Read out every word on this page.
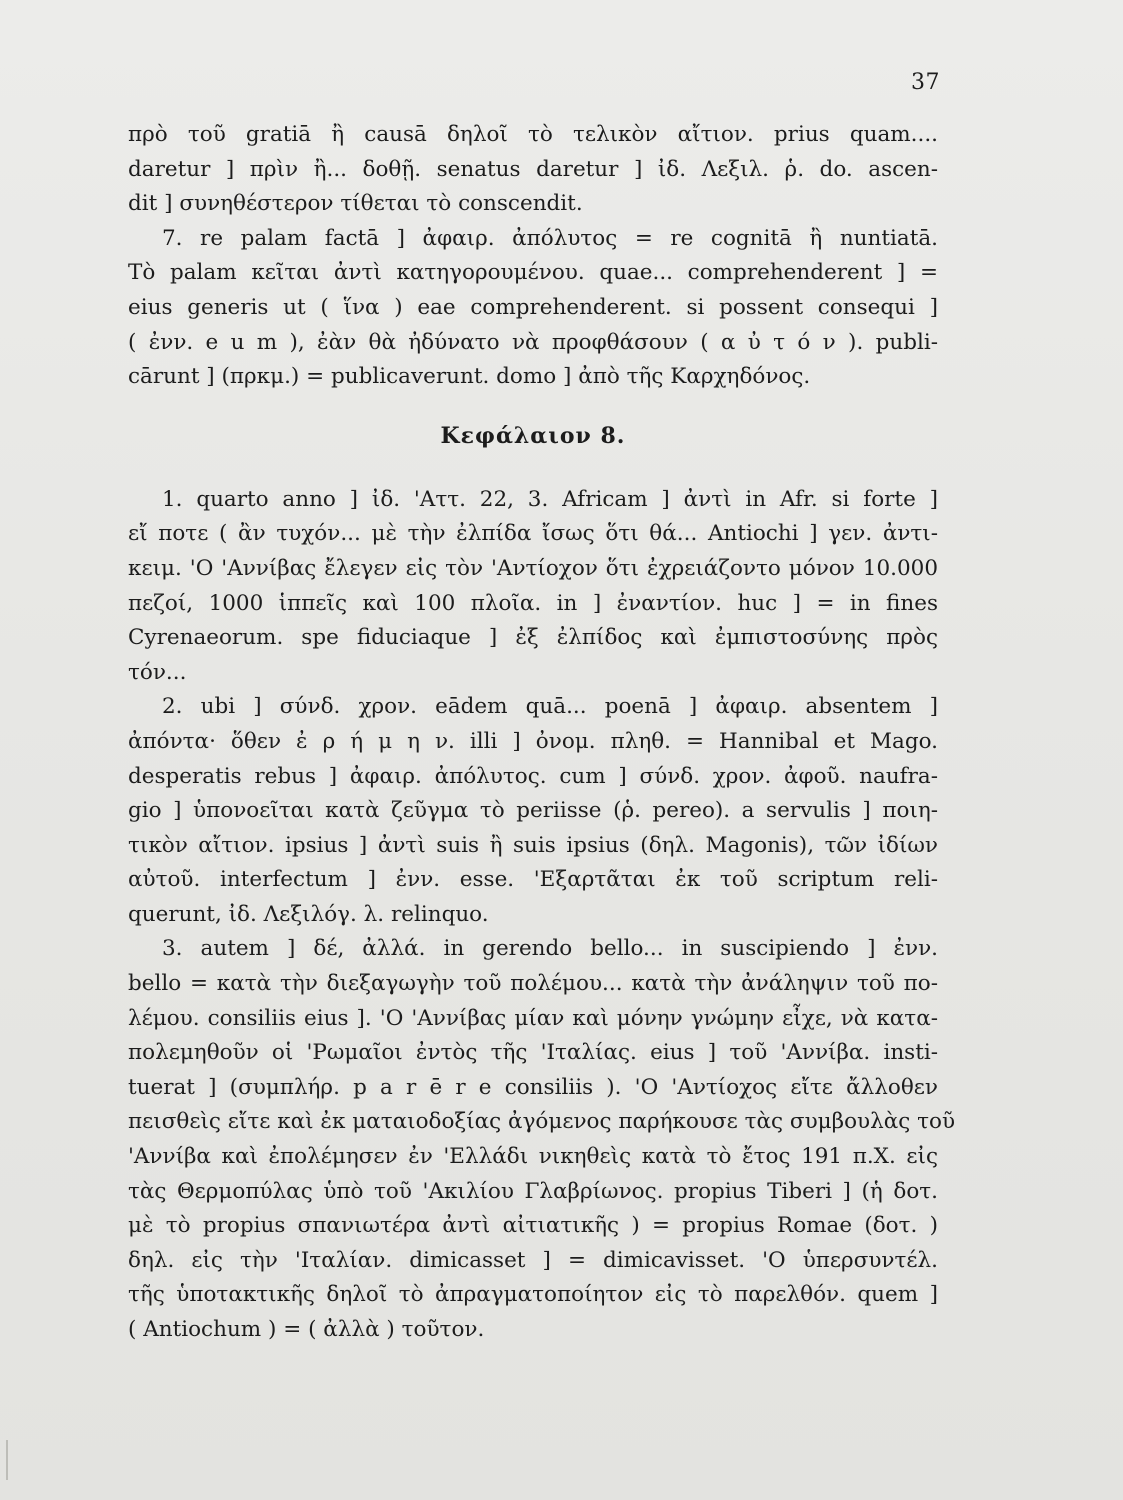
37
πρὸ τοῦ gratiā ἢ causā δηλοῖ τὸ τελικὸν αἴτιον. prius quam....
daretur ] πρὶν ἢ... δοθῇ. senatus daretur ] ἰδ. Λεξιλ. ῥ. do. ascen-
dit ] συνηθέστερον τίθεται τὸ conscendit.
7. re palam factā ] ἀφαιρ. ἀπόλυτος = re cognitā ἢ nuntiatā.
Τὸ palam κεῖται ἀντὶ κατηγορουμένου. quae... comprehenderent ] =
eius generis ut ( ἵνα ) eae comprehenderent. si possent consequi ]
( ἐνν. e u m ), ἐὰν θὰ ἠδύνατο νὰ προφθάσουν ( α ὐ τ ό ν ). publi-
cārunt ] (πρκμ.) = publicaverunt. domo ] ἀπὸ τῆς Καρχηδόνος.
Κεφάλαιον 8.
1. quarto anno ] ἰδ. 'Αττ. 22, 3. Africam ] ἀντὶ in Afr. si forte ]
εἴ ποτε ( ἂν τυχόν... μὲ τὴν ἐλπίδα ἴσως ὅτι θά... Antiochi ] γεν. ἀντι-
κειμ. 'Ο 'Αννίβας ἔλεγεν εἰς τὸν 'Αντίοχον ὅτι ἐχρειάζοντο μόνον 10.000
πεζοί, 1000 ἱππεῖς καὶ 100 πλοῖα. in ] ἐναντίον. huc ] = in fines
Cyrenaeorum. spe fiduciaque ] ἐξ ἐλπίδος καὶ ἐμπιστοσύνης πρὸς
τόν...
2. ubi ] σύνδ. χρον. eādem quā... poenā ] ἀφαιρ. absentem ]
ἀπόντα· ὅθεν ἐ ρ ή μ η ν. illi ] ὀνομ. πληθ. = Hannibal et Mago.
desperatis rebus ] ἀφαιρ. ἀπόλυτος. cum ] σύνδ. χρον. ἀφοῦ. naufra-
gio ] ὑπονοεῖται κατὰ ζεῦγμα τὸ periisse (ῥ. pereo). a servulis ] ποιη-
τικὸν αἴτιον. ipsius ] ἀντὶ suis ἢ suis ipsius (δηλ. Magonis), τῶν ἰδίων
αὐτοῦ. interfectum ] ἐνν. esse. 'Εξαρτᾶται ἐκ τοῦ scriptum reli-
querunt, ἰδ. Λεξιλόγ. λ. relinquo.
3. autem ] δέ, ἀλλά. in gerendo bello... in suscipiendo ] ἐνν.
bello = κατὰ τὴν διεξαγωγὴν τοῦ πολέμου... κατὰ τὴν ἀνάληψιν τοῦ πο-
λέμου. consiliis eius ]. 'Ο 'Αννίβας μίαν καὶ μόνην γνώμην εἶχε, νὰ κατα-
πολεμηθοῦν οἱ 'Ρωμαῖοι ἐντὸς τῆς 'Ιταλίας. eius ] τοῦ 'Αννίβα. insti-
tuerat ] (συμπλήρ. p a r ē r e consiliis ). 'Ο 'Αντίοχος εἴτε ἄλλοθεν
πεισθεὶς εἴτε καὶ ἐκ ματαιοδοξίας ἀγόμενος παρήκουσε τὰς συμβουλὰς τοῦ
'Αννίβα καὶ ἐπολέμησεν ἐν 'Ελλάδι νικηθεὶς κατὰ τὸ ἔτος 191 π.Χ. εἰς
τὰς Θερμοπύλας ὑπὸ τοῦ 'Ακιλίου Γλαβρίωνος. propius Tiberi ] (ἡ δοτ.
μὲ τὸ propius σπανιωτέρα ἀντὶ αἰτιατικῆς ) = propius Romae (δοτ. )
δηλ. εἰς τὴν 'Ιταλίαν. dimicasset ] = dimicavisset. 'Ο ὑπερσυντέλ.
τῆς ὑποτακτικῆς δηλοῖ τὸ ἀπραγματοποίητον εἰς τὸ παρελθόν. quem ]
( Antiochum ) = ( ἀλλὰ ) τοῦτον.
